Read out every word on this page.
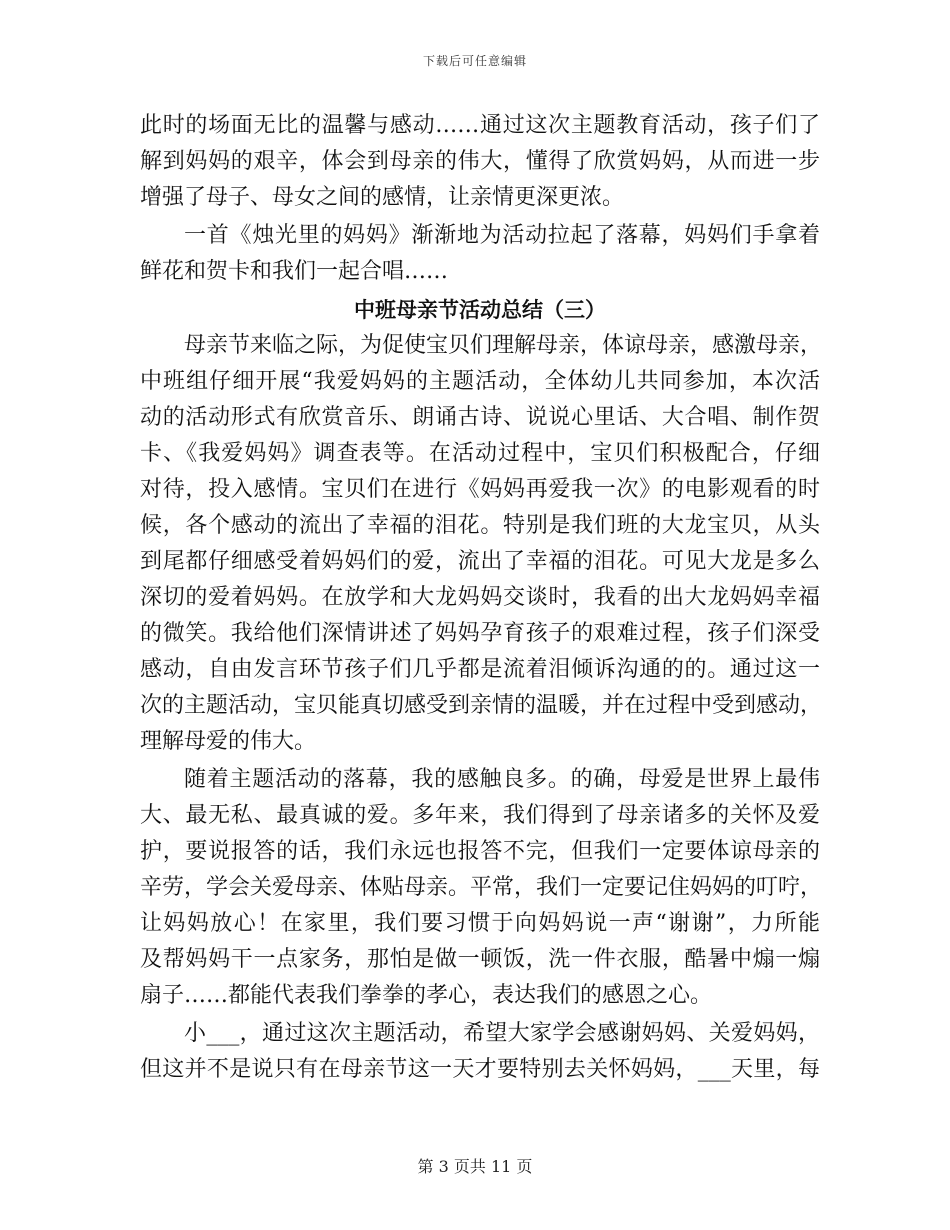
下载后可任意编辑
此时的场面无比的温馨与感动……通过这次主题教育活动，孩子们了
解到妈妈的艰辛，体会到母亲的伟大，懂得了欣赏妈妈，从而进一步
增强了母子、母女之间的感情，让亲情更深更浓。
一首《烛光里的妈妈》渐渐地为活动拉起了落幕，妈妈们手拿着
鲜花和贺卡和我们一起合唱……
中班母亲节活动总结（三）
母亲节来临之际，为促使宝贝们理解母亲，体谅母亲，感激母亲，
中班组仔细开展“我爱妈妈的主题活动，全体幼儿共同参加，本次活
动的活动形式有欣赏音乐、朗诵古诗、说说心里话、大合唱、制作贺
卡、《我爱妈妈》调查表等。在活动过程中，宝贝们积极配合，仔细
对待，投入感情。宝贝们在进行《妈妈再爱我一次》的电影观看的时
候，各个感动的流出了幸福的泪花。特别是我们班的大龙宝贝，从头
到尾都仔细感受着妈妈们的爱，流出了幸福的泪花。可见大龙是多么
深切的爱着妈妈。在放学和大龙妈妈交谈时，我看的出大龙妈妈幸福
的微笑。我给他们深情讲述了妈妈孕育孩子的艰难过程，孩子们深受
感动，自由发言环节孩子们几乎都是流着泪倾诉沟通的的。通过这一
次的主题活动，宝贝能真切感受到亲情的温暖，并在过程中受到感动，
理解母爱的伟大。
随着主题活动的落幕，我的感触良多。的确，母爱是世界上最伟
大、最无私、最真诚的爱。多年来，我们得到了母亲诸多的关怀及爱
护，要说报答的话，我们永远也报答不完，但我们一定要体谅母亲的
辛劳，学会关爱母亲、体贴母亲。平常，我们一定要记住妈妈的叮咛，
让妈妈放心！在家里，我们要习惯于向妈妈说一声“谢谢”，力所能
及帮妈妈干一点家务，那怕是做一顿饭，洗一件衣服，酷暑中煽一煽
扇子……都能代表我们拳拳的孝心，表达我们的感恩之心。
小___，通过这次主题活动，希望大家学会感谢妈妈、关爱妈妈，
但这并不是说只有在母亲节这一天才要特别去关怀妈妈，___天里，每
第 3 页共 11 页
